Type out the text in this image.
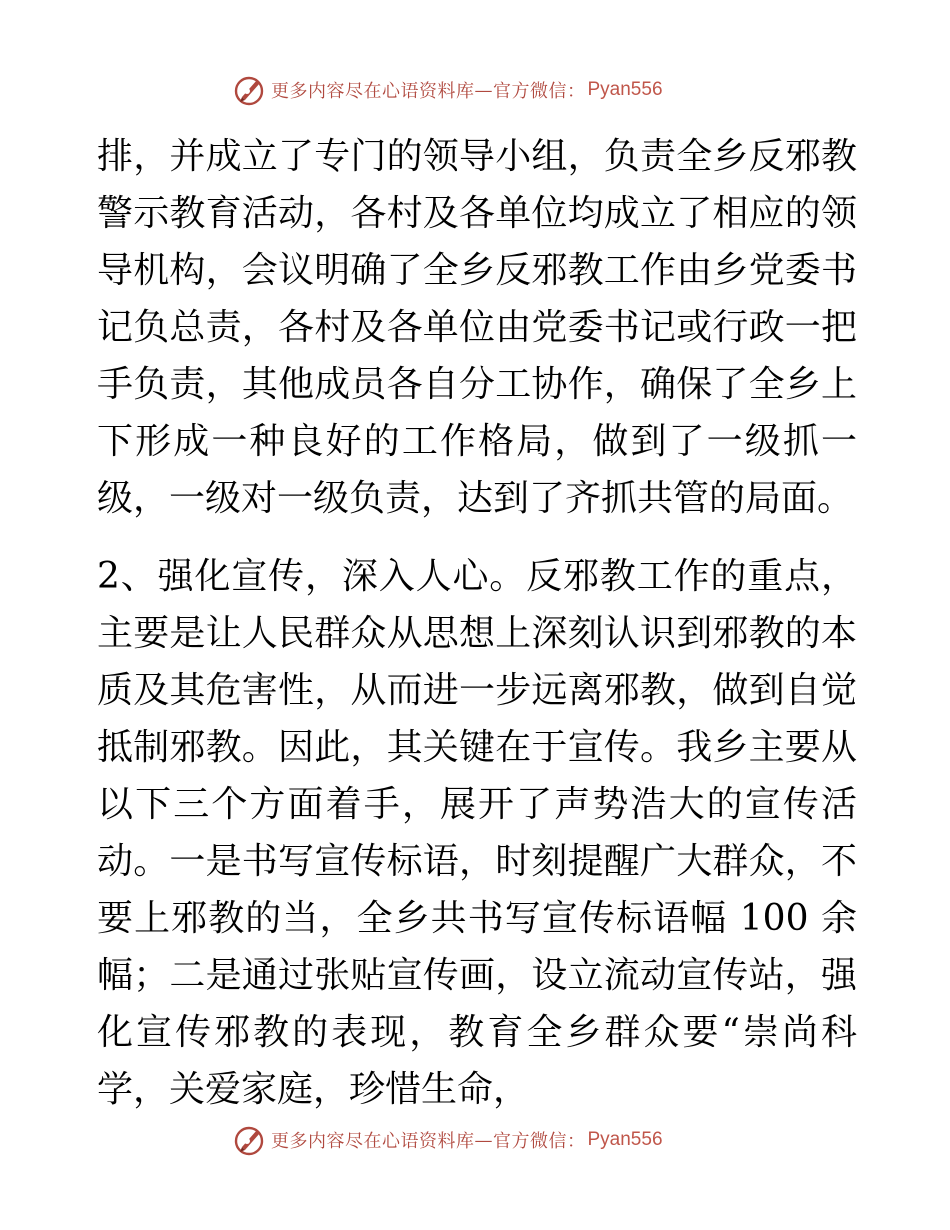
更多内容尽在心语资料库 — 官方微信： Pyan556

排，并成立了专门的领导小组，负责全乡反邪教警示教育活动，各村及各单位均成立了相应的领导机构，会议明确了全乡反邪教工作由乡党委书记负总责，各村及各单位由党委书记或行政一把手负责，其他成员各自分工协作，确保了全乡上下形成一种良好的工作格局，做到了一级抓一级，一级对一级负责，达到了齐抓共管的局面。

2、强化宣传，深入人心。反邪教工作的重点，主要是让人民群众从思想上深刻认识到邪教的本质及其危害性，从而进一步远离邪教，做到自觉抵制邪教。因此，其关键在于宣传。我乡主要从以下三个方面着手，展开了声势浩大的宣传活动。一是书写宣传标语，时刻提醒广大群众，不要上邪教的当，全乡共书写宣传标语幅 100 余幅；二是通过张贴宣传画，设立流动宣传站，强化宣传邪教的表现，教育全乡群众要“崇尚科学，关爱家庭，珍惜生命，

更多内容尽在心语资料库 — 官方微信： Pyan556
